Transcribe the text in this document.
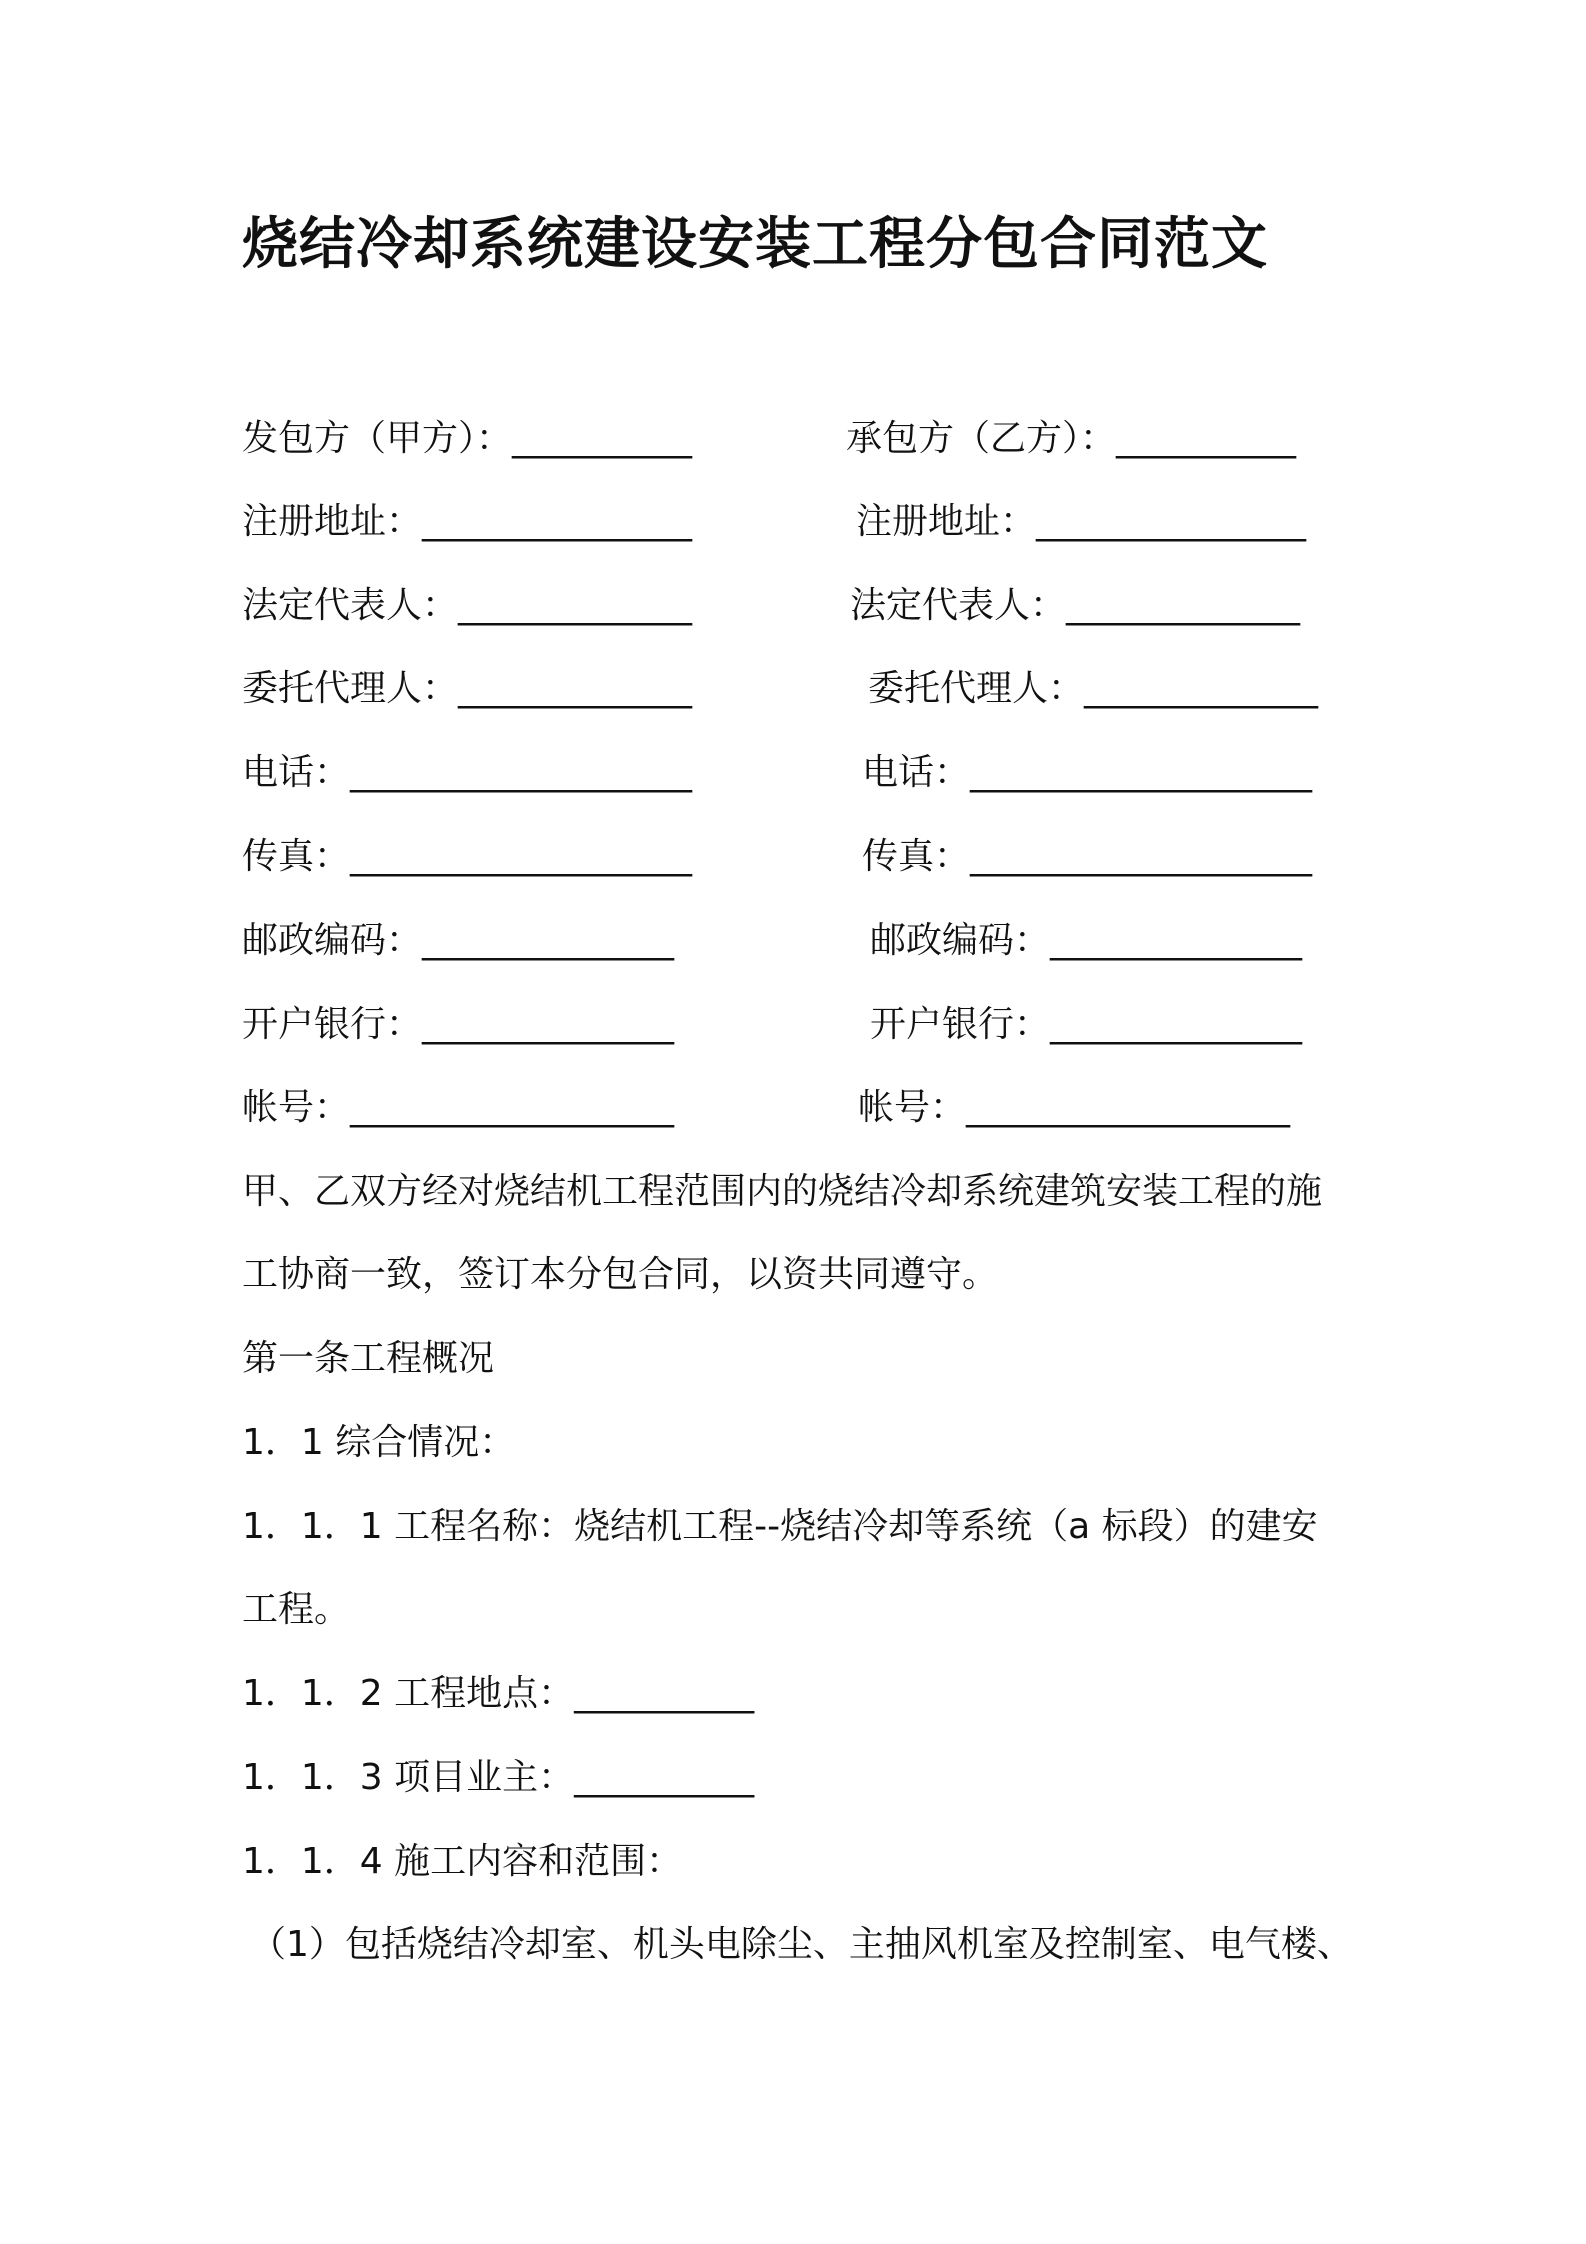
烧结冷却系统建设安装工程分包合同范文
发包方（甲方）：__________	承包方（乙方）：__________
注册地址：_______________	注册地址：_______________
法定代表人：_____________	法定代表人：_____________
委托代理人：_____________	委托代理人：_____________
电话：___________________	电话：___________________
传真：___________________	传真：___________________
邮政编码：______________	邮政编码：______________
开户银行：______________	开户银行：______________
帐号：__________________	帐号：__________________
甲、乙双方经对烧结机工程范围内的烧结冷却系统建筑安装工程的施
工协商一致，签订本分包合同，以资共同遵守。
第一条工程概况
1．1 综合情况：
1．1．1 工程名称：烧结机工程--烧结冷却等系统（a 标段）的建安
工程。
1．1．2 工程地点：__________
1．1．3 项目业主：__________
1．1．4 施工内容和范围：
（1）包括烧结冷却室、机头电除尘、主抽风机室及控制室、电气楼、
